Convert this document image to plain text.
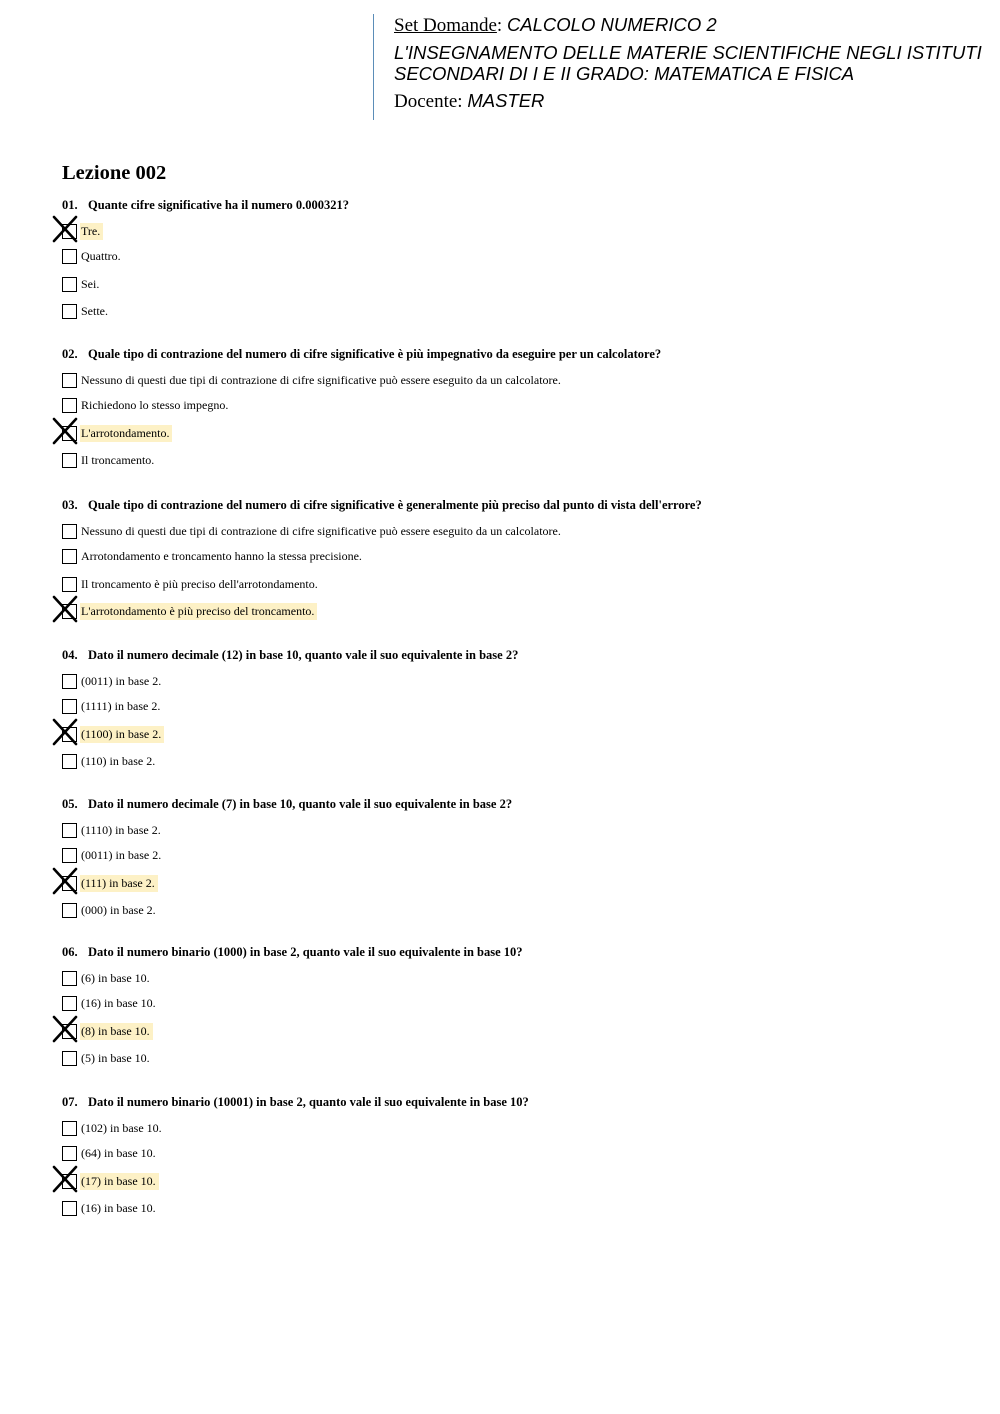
Set Domande: CALCOLO NUMERICO 2
L'INSEGNAMENTO DELLE MATERIE SCIENTIFICHE NEGLI ISTITUTI
SECONDARI DI I E II GRADO: MATEMATICA E FISICA
Docente: MASTER
Lezione 002
01. Quante cifre significative ha il numero 0.000321?
Tre.
Quattro.
Sei.
Sette.
02. Quale tipo di contrazione del numero di cifre significative è più impegnativo da eseguire per un calcolatore?
Nessuno di questi due tipi di contrazione di cifre significative può essere eseguito da un calcolatore.
Richiedono lo stesso impegno.
L'arrotondamento.
Il troncamento.
03. Quale tipo di contrazione del numero di cifre significative è generalmente più preciso dal punto di vista dell'errore?
Nessuno di questi due tipi di contrazione di cifre significative può essere eseguito da un calcolatore.
Arrotondamento e troncamento hanno la stessa precisione.
Il troncamento è più preciso dell'arrotondamento.
L'arrotondamento è più preciso del troncamento.
04. Dato il numero decimale (12) in base 10, quanto vale il suo equivalente in base 2?
(0011) in base 2.
(1111) in base 2.
(1100) in base 2.
(110) in base 2.
05. Dato il numero decimale (7) in base 10, quanto vale il suo equivalente in base 2?
(1110) in base 2.
(0011) in base 2.
(111) in base 2.
(000) in base 2.
06. Dato il numero binario (1000) in base 2, quanto vale il suo equivalente in base 10?
(6) in base 10.
(16) in base 10.
(8) in base 10.
(5) in base 10.
07. Dato il numero binario (10001) in base 2, quanto vale il suo equivalente in base 10?
(102) in base 10.
(64) in base 10.
(17) in base 10.
(16) in base 10.
